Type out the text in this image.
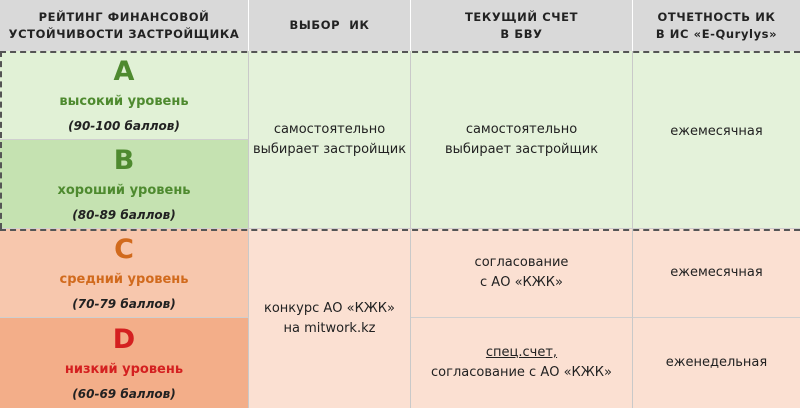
РЕЙТИНГ ФИНАНСОВОЙ
УСТОЙЧИВОСТИ ЗАСТРОЙЩИКА
ВЫБОР  ИК
ТЕКУЩИЙ СЧЕТ
В БВУ
ОТЧЕТНОСТЬ ИК
В ИС «E-Qurylys»
A
высокий уровень
(90-100 баллов)
B
хороший уровень
(80-89 баллов)
C
средний уровень
(70-79 баллов)
D
низкий уровень
(60-69 баллов)
самостоятельно
выбирает застройщик
самостоятельно
выбирает застройщик
ежемесячная
конкурс АО «КЖК»
на mitwork.kz
согласование
с АО «КЖК»
ежемесячная
спец.счет,
согласование с АО «КЖК»
еженедельная
